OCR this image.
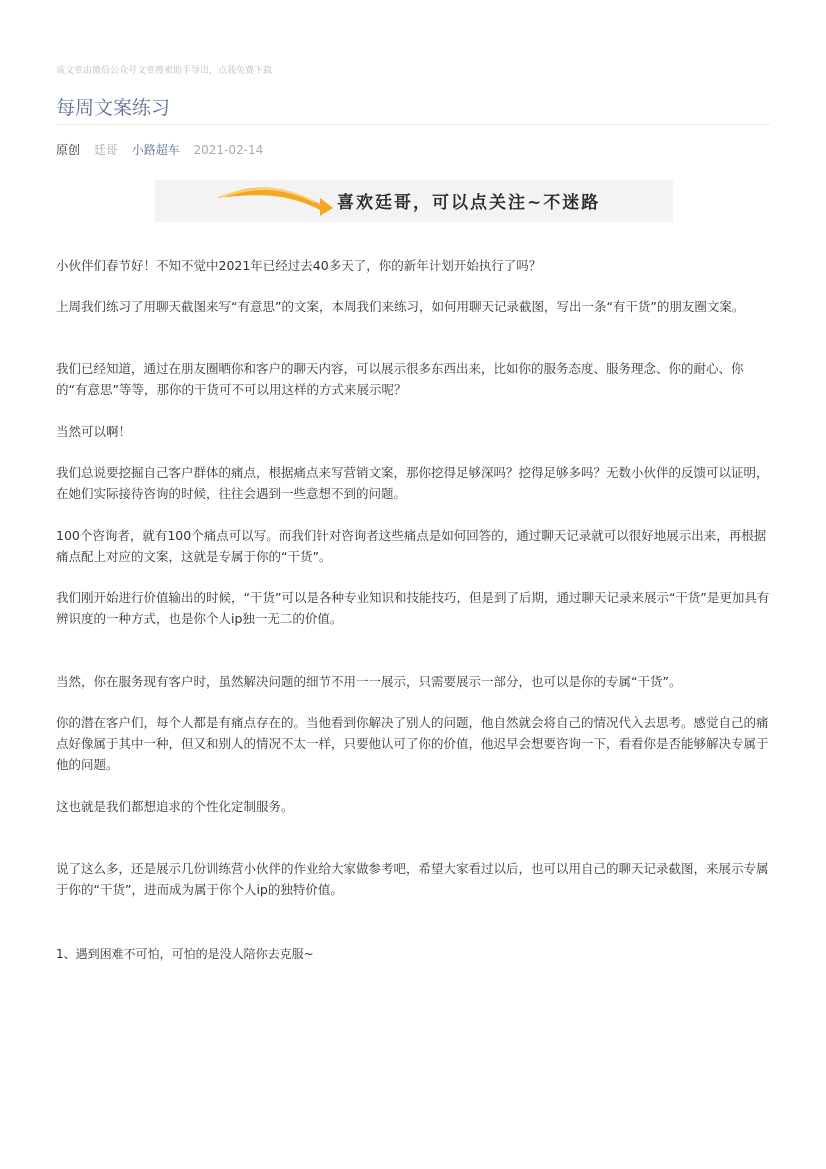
该文章由微信公众号文章搜索助手导出，点我免费下载
每周文案练习
原创 廷哥 小路超车 2021-02-14
喜欢廷哥，可以点关注~不迷路

小伙伴们春节好！不知不觉中2021年已经过去40多天了，你的新年计划开始执行了吗？

上周我们练习了用聊天截图来写“有意思”的文案，本周我们来练习，如何用聊天记录截图，写出一条“有干货”的朋友圈文案。

我们已经知道，通过在朋友圈晒你和客户的聊天内容，可以展示很多东西出来，比如你的服务态度、服务理念、你的耐心、你的“有意思”等等，那你的干货可不可以用这样的方式来展示呢？

当然可以啊！

我们总说要挖掘自己客户群体的痛点，根据痛点来写营销文案，那你挖得足够深吗？挖得足够多吗？无数小伙伴的反馈可以证明，在她们实际接待咨询的时候，往往会遇到一些意想不到的问题。

100个咨询者，就有100个痛点可以写。而我们针对咨询者这些痛点是如何回答的，通过聊天记录就可以很好地展示出来，再根据痛点配上对应的文案，这就是专属于你的“干货”。

我们刚开始进行价值输出的时候，“干货”可以是各种专业知识和技能技巧，但是到了后期，通过聊天记录来展示“干货”是更加具有辨识度的一种方式，也是你个人ip独一无二的价值。

当然，你在服务现有客户时，虽然解决问题的细节不用一一展示，只需要展示一部分，也可以是你的专属“干货”。

你的潜在客户们，每个人都是有痛点存在的。当他看到你解决了别人的问题，他自然就会将自己的情况代入去思考。感觉自己的痛点好像属于其中一种，但又和别人的情况不太一样，只要他认可了你的价值，他迟早会想要咨询一下，看看你是否能够解决专属于他的问题。

这也就是我们都想追求的个性化定制服务。

说了这么多，还是展示几份训练营小伙伴的作业给大家做参考吧，希望大家看过以后，也可以用自己的聊天记录截图，来展示专属于你的“干货”，进而成为属于你个人ip的独特价值。

1、遇到困难不可怕，可怕的是没人陪你去克服~
